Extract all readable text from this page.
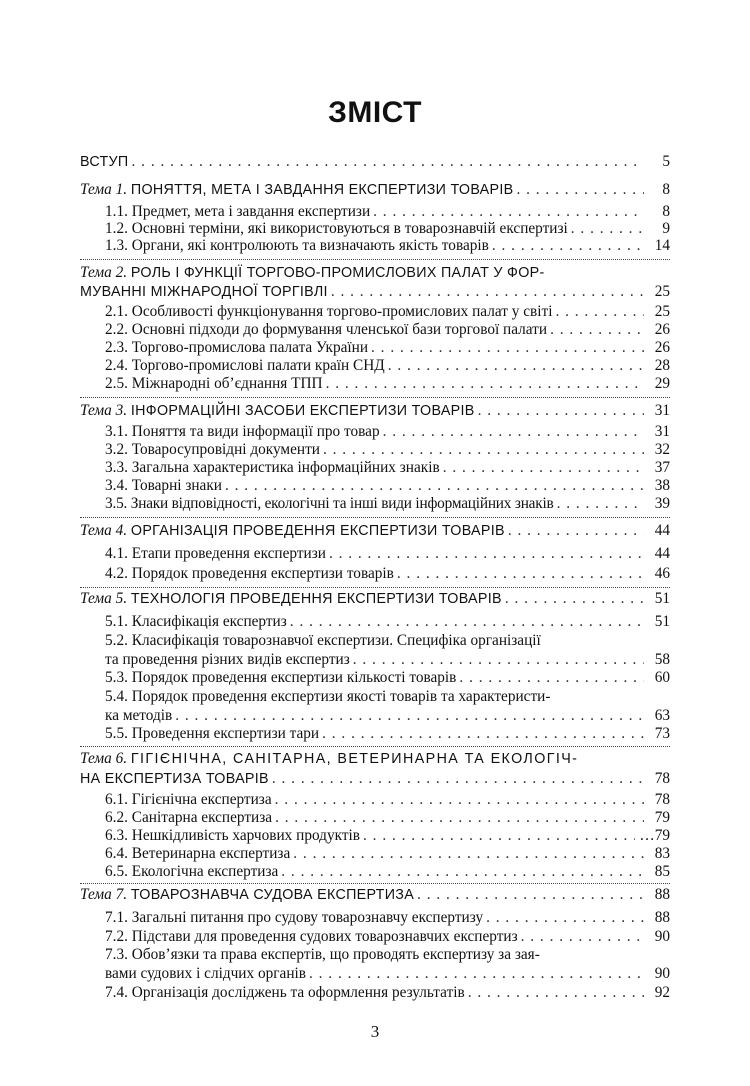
ЗМІСТ
ВСТУП . . .	5
Тема 1. ПОНЯТТЯ, МЕТА І ЗАВДАННЯ ЕКСПЕРТИЗИ ТОВАРІВ . . .	8
1.1. Предмет, мета і завдання експертизи . . .	8
1.2. Основні терміни, які використовуються в товарознавчій експертизі . . .	9
1.3. Органи, які контролюють та визначають якість товарів . . .	14
Тема 2. РОЛЬ І ФУНКЦІЇ ТОРГОВО-ПРОМИСЛОВИХ ПАЛАТ У ФОР-
МУВАННІ МІЖНАРОДНОЇ ТОРГІВЛІ . . .	25
2.1. Особливості функціонування торгово-промислових палат у світі . . .	25
2.2. Основні підходи до формування членської бази торгової палати . . .	26
2.3. Торгово-промислова палата України . . .	26
2.4. Торгово-промислові палати країн СНД . . .	28
2.5. Міжнародні об’єднання ТПП . . .	29
Тема 3. ІНФОРМАЦІЙНІ ЗАСОБИ ЕКСПЕРТИЗИ ТОВАРІВ . . .	31
3.1. Поняття та види інформації про товар . . .	31
3.2. Товаросупровідні документи . . .	32
3.3. Загальна характеристика інформаційних знаків . . .	37
3.4. Товарні знаки . . .	38
3.5. Знаки відповідності, екологічні та інші види інформаційних знаків . . .	39
Тема 4. ОРГАНІЗАЦІЯ ПРОВЕДЕННЯ ЕКСПЕРТИЗИ ТОВАРІВ . . .	44
4.1. Етапи проведення експертизи . . .	44
4.2. Порядок проведення експертизи товарів . . .	46
Тема 5. ТЕХНОЛОГІЯ ПРОВЕДЕННЯ ЕКСПЕРТИЗИ ТОВАРІВ . . .	51
5.1. Класифікація експертиз . . .	51
5.2. Класифікація товарознавчої експертизи. Специфіка організації
та проведення різних видів експертиз . . .	58
5.3. Порядок проведення експертизи кількості товарів . . .	60
5.4. Порядок проведення експертизи якості товарів та характеристи-
ка методів . . .	63
5.5. Проведення експертизи тари . . .	73
Тема 6. ГІГІЄНІЧНА, САНІТАРНА, ВЕТЕРИНАРНА ТА ЕКОЛОГІЧ-
НА ЕКСПЕРТИЗА ТОВАРІВ . . .	78
6.1. Гігієнічна експертиза . . .	78
6.2. Санітарна експертиза . . .	79
6.3. Нешкідливість харчових продуктів . . .	…79
6.4. Ветеринарна експертиза . . .	83
6.5. Екологічна експертиза . . .	85
Тема 7. ТОВАРОЗНАВЧА СУДОВА ЕКСПЕРТИЗА . . .	88
7.1. Загальні питання про судову товарознавчу експертизу . . .	88
7.2. Підстави для проведення судових товарознавчих експертиз . . .	90
7.3. Обов’язки та права експертів, що проводять експертизу за зая-
вами судових і слідчих органів . . .	90
7.4. Організація досліджень та оформлення результатів . . .	92
3
